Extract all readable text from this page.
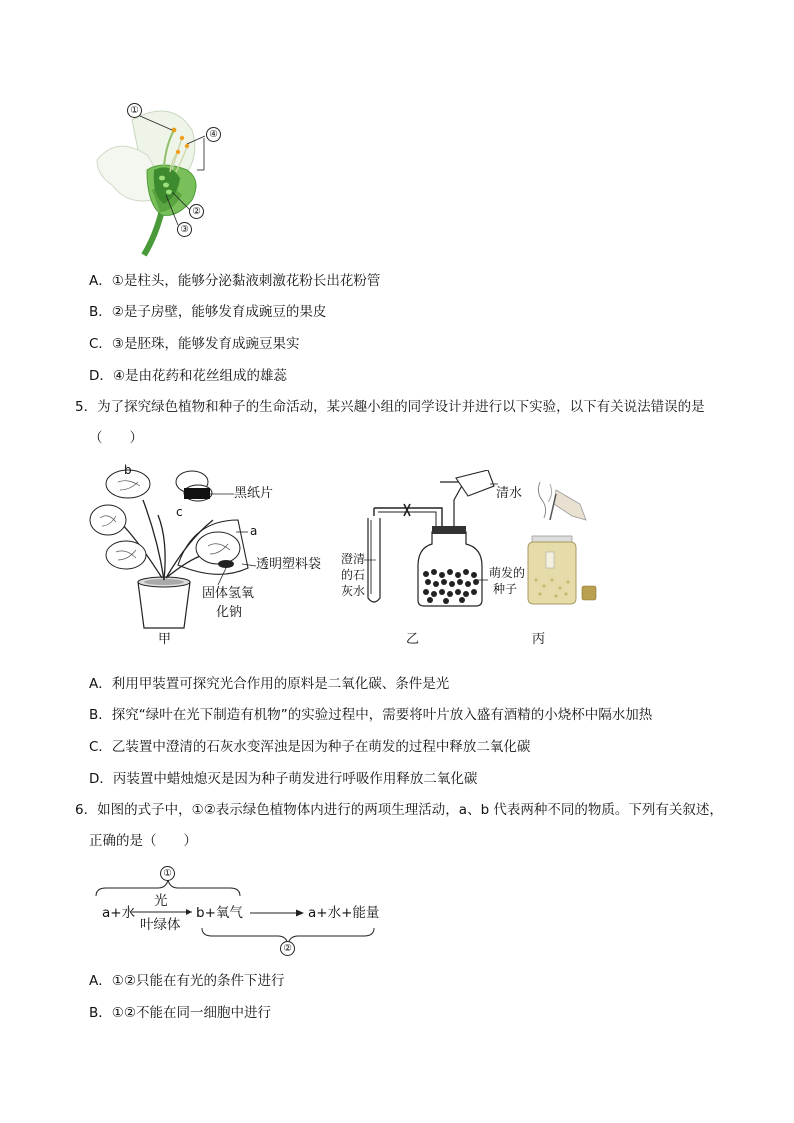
①
④
②
③
A．①是柱头，能够分泌黏液刺激花粉长出花粉管
B．②是子房壁，能够发育成豌豆的果皮
C．③是胚珠，能够发育成豌豆果实
D．④是由花药和花丝组成的雄蕊
5．为了探究绿色植物和种子的生命活动，某兴趣小组的同学设计并进行以下实验，以下有关说法错误的是
（　　）
b
c
a
黑纸片
透明塑料袋
固体氢氧
化钠
甲
清水
澄清
的石
灰水
萌发的
种子
乙	丙
A．利用甲装置可探究光合作用的原料是二氧化碳、条件是光
B．探究“绿叶在光下制造有机物”的实验过程中，需要将叶片放入盛有酒精的小烧杯中隔水加热
C．乙装置中澄清的石灰水变浑浊是因为种子在萌发的过程中释放二氧化碳
D．丙装置中蜡烛熄灭是因为种子萌发进行呼吸作用释放二氧化碳
6．如图的式子中，①②表示绿色植物体内进行的两项生理活动，a、b 代表两种不同的物质。下列有关叙述，
正确的是（　　）
①
a+水
光
叶绿体
b+氧气	a+水+能量
②
A．①②只能在有光的条件下进行
B．①②不能在同一细胞中进行
